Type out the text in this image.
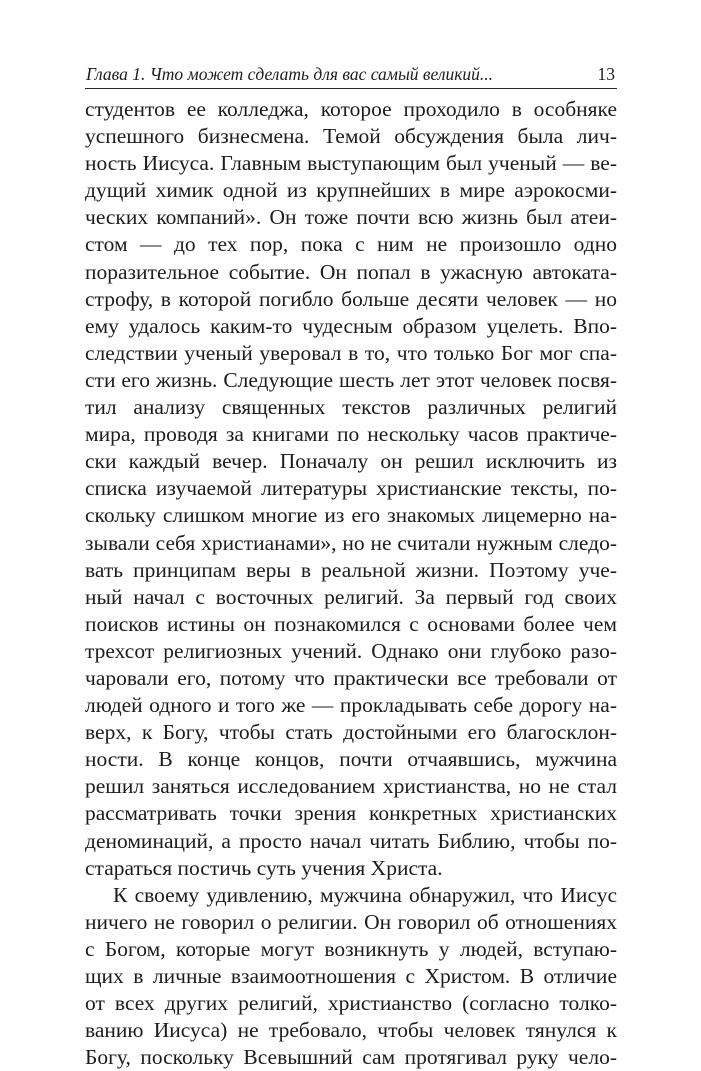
Глава 1. Что может сделать для вас самый великий...	13
студентов ее колледжа, которое проходило в особняке
успешного бизнесмена. Темой обсуждения была лич-
ность Иисуса. Главным выступающим был ученый — ве-
дущий химик одной из крупнейших в мире аэрокосми-
ческих компаний». Он тоже почти всю жизнь был атеи-
стом — до тех пор, пока с ним не произошло одно
поразительное событие. Он попал в ужасную автоката-
строфу, в которой погибло больше десяти человек — но
ему удалось каким-то чудесным образом уцелеть. Впо-
следствии ученый уверовал в то, что только Бог мог спа-
сти его жизнь. Следующие шесть лет этот человек посвя-
тил анализу священных текстов различных религий
мира, проводя за книгами по нескольку часов практиче-
ски каждый вечер. Поначалу он решил исключить из
списка изучаемой литературы христианские тексты, по-
скольку слишком многие из его знакомых лицемерно на-
зывали себя христианами», но не считали нужным следо-
вать принципам веры в реальной жизни. Поэтому уче-
ный начал с восточных религий. За первый год своих
поисков истины он познакомился с основами более чем
трехсот религиозных учений. Однако они глубоко разо-
чаровали его, потому что практически все требовали от
людей одного и того же — прокладывать себе дорогу на-
верх, к Богу, чтобы стать достойными его благосклон-
ности. В конце концов, почти отчаявшись, мужчина
решил заняться исследованием христианства, но не стал
рассматривать точки зрения конкретных христианских
деноминаций, а просто начал читать Библию, чтобы по-
стараться постичь суть учения Христа.
К своему удивлению, мужчина обнаружил, что Иисус
ничего не говорил о религии. Он говорил об отношениях
с Богом, которые могут возникнуть у людей, вступаю-
щих в личные взаимоотношения с Христом. В отличие
от всех других религий, христианство (согласно толко-
ванию Иисуса) не требовало, чтобы человек тянулся к
Богу, поскольку Всевышний сам протягивал руку чело-
